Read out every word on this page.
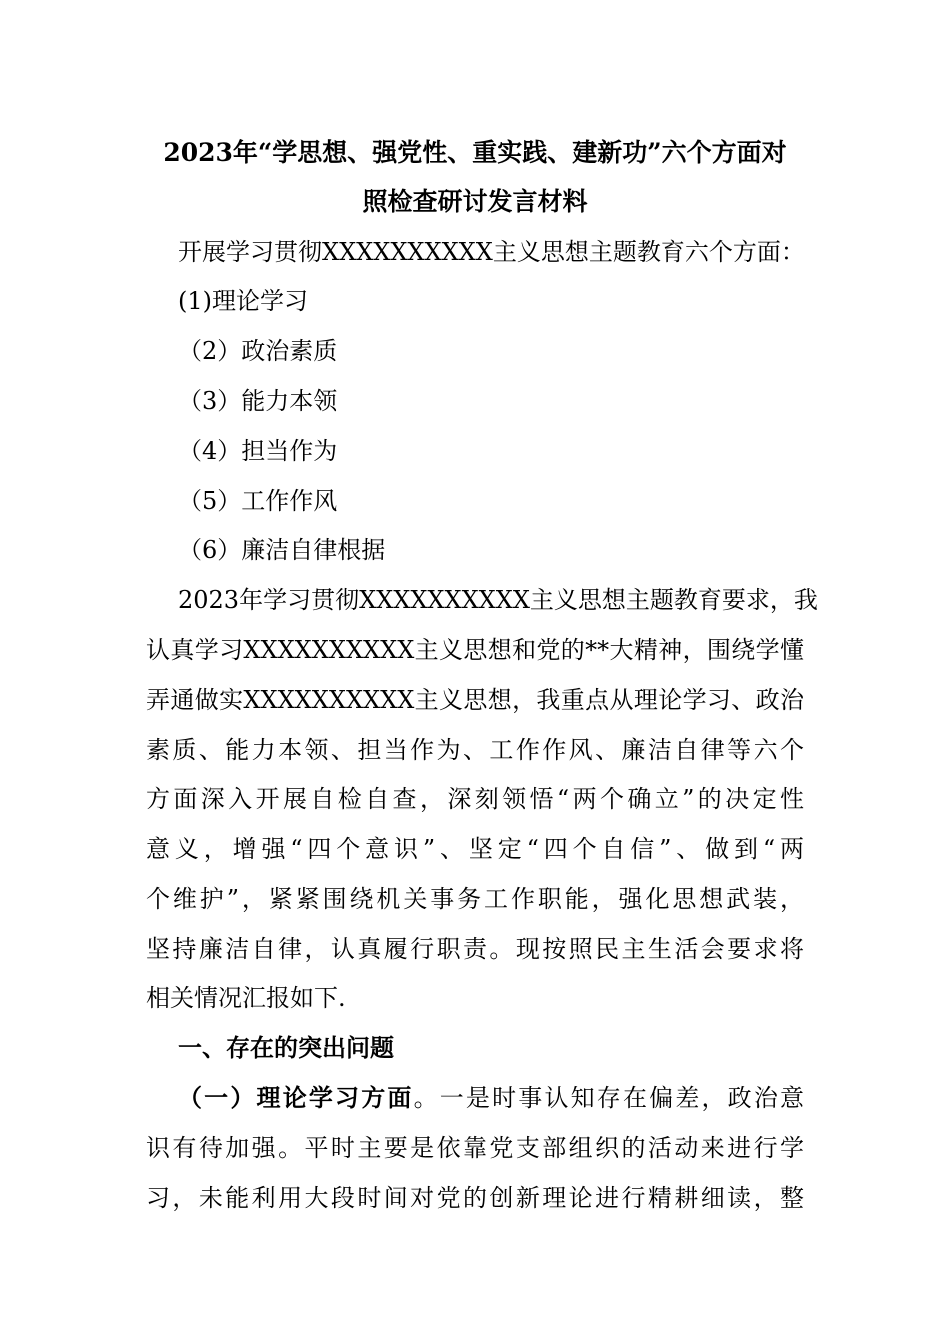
2023年“学思想、强党性、重实践、建新功”六个方面对
照检查研讨发言材料
开展学习贯彻XXXXXXXXXX主义思想主题教育六个方面：
(1)理论学习
（2）政治素质
（3）能力本领
（4）担当作为
（5）工作作风
（6）廉洁自律根据
2023年学习贯彻XXXXXXXXXX主义思想主题教育要求，我
认真学习XXXXXXXXXX主义思想和党的**大精神，围绕学懂
弄通做实XXXXXXXXXX主义思想，我重点从理论学习、政治
素质、能力本领、担当作为、工作作风、廉洁自律等六个
方面深入开展自检自查，深刻领悟“两个确立”的决定性
意义，增强“四个意识”、坚定“四个自信”、做到“两
个维护”，紧紧围绕机关事务工作职能，强化思想武装，
坚持廉洁自律，认真履行职责。现按照民主生活会要求将
相关情况汇报如下.
一、存在的突出问题
（一）理论学习方面。一是时事认知存在偏差，政治意
识有待加强。平时主要是依靠党支部组织的活动来进行学
习，未能利用大段时间对党的创新理论进行精耕细读，整
